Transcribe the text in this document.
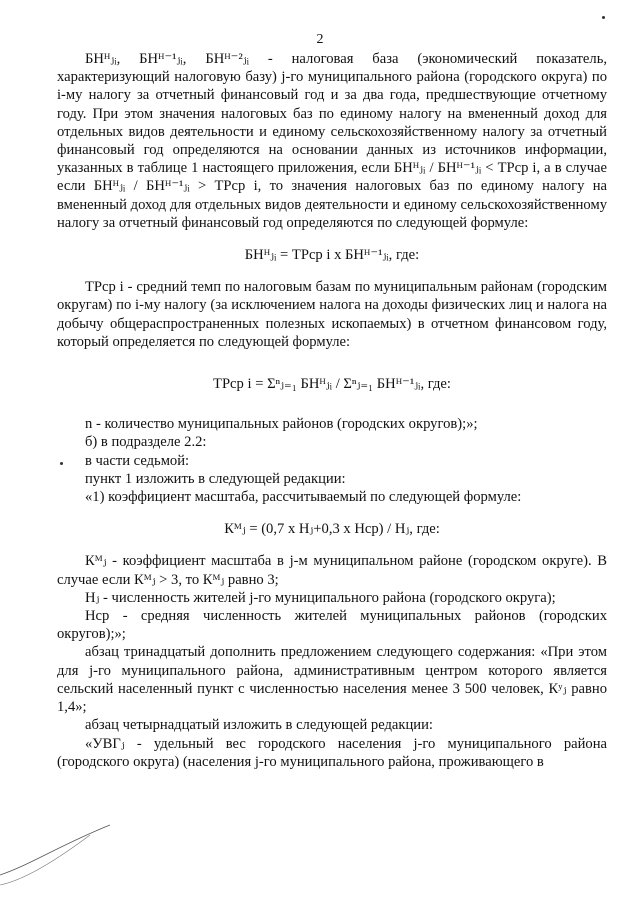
2

БНᴴⱼᵢ, БНᴴ⁻¹ⱼᵢ, БНᴴ⁻²ⱼᵢ - налоговая база (экономический показатель, характеризующий налоговую базу) j-го муниципального района (городского округа) по i-му налогу за отчетный финансовый год и за два года, предшествующие отчетному году. При этом значения налоговых баз по единому налогу на вмененный доход для отдельных видов деятельности и единому сельскохозяйственному налогу за отчетный финансовый год определяются на основании данных из источников информации, указанных в таблице 1 настоящего приложения, если БНᴴⱼᵢ / БНᴴ⁻¹ⱼᵢ < ТРср i, а в случае если БНᴴⱼᵢ / БНᴴ⁻¹ⱼᵢ > ТРср i, то значения налоговых баз по единому налогу на вмененный доход для отдельных видов деятельности и единому сельскохозяйственному налогу за отчетный финансовый год определяются по следующей формуле:

БНᴴⱼᵢ = ТРср i х БНᴴ⁻¹ⱼᵢ, где:

ТРср i - средний темп по налоговым базам по муниципальным районам (городским округам) по i-му налогу (за исключением налога на доходы физических лиц и налога на добычу общераспространенных полезных ископаемых) в отчетном финансовом году, который определяется по следующей формуле:

ТРср i = Σⁿⱼ₌₁ БНᴴⱼᵢ / Σⁿⱼ₌₁ БНᴴ⁻¹ⱼᵢ, где:

n - количество муниципальных районов (городских округов);»;

б) в подразделе 2.2:

в части седьмой:

пункт 1 изложить в следующей редакции:

«1) коэффициент масштаба, рассчитываемый по следующей формуле:

Кᴹⱼ = (0,7 х Нⱼ+0,3 х Нср) / Нⱼ, где:

Кᴹⱼ - коэффициент масштаба в j-м муниципальном районе (городском округе). В случае если Кᴹⱼ > 3, то Кᴹⱼ равно 3;

Нⱼ - численность жителей j-го муниципального района (городского округа);

Нср - средняя численность жителей муниципальных районов (городских округов);»;

абзац тринадцатый дополнить предложением следующего содержания: «При этом для j-го муниципального района, административным центром которого является сельский населенный пункт с численностью населения менее 3 500 человек, Кʸⱼ равно 1,4»;

абзац четырнадцатый изложить в следующей редакции:

«УВГⱼ - удельный вес городского населения j-го муниципального района (городского округа) (населения j-го муниципального района, проживающего в
